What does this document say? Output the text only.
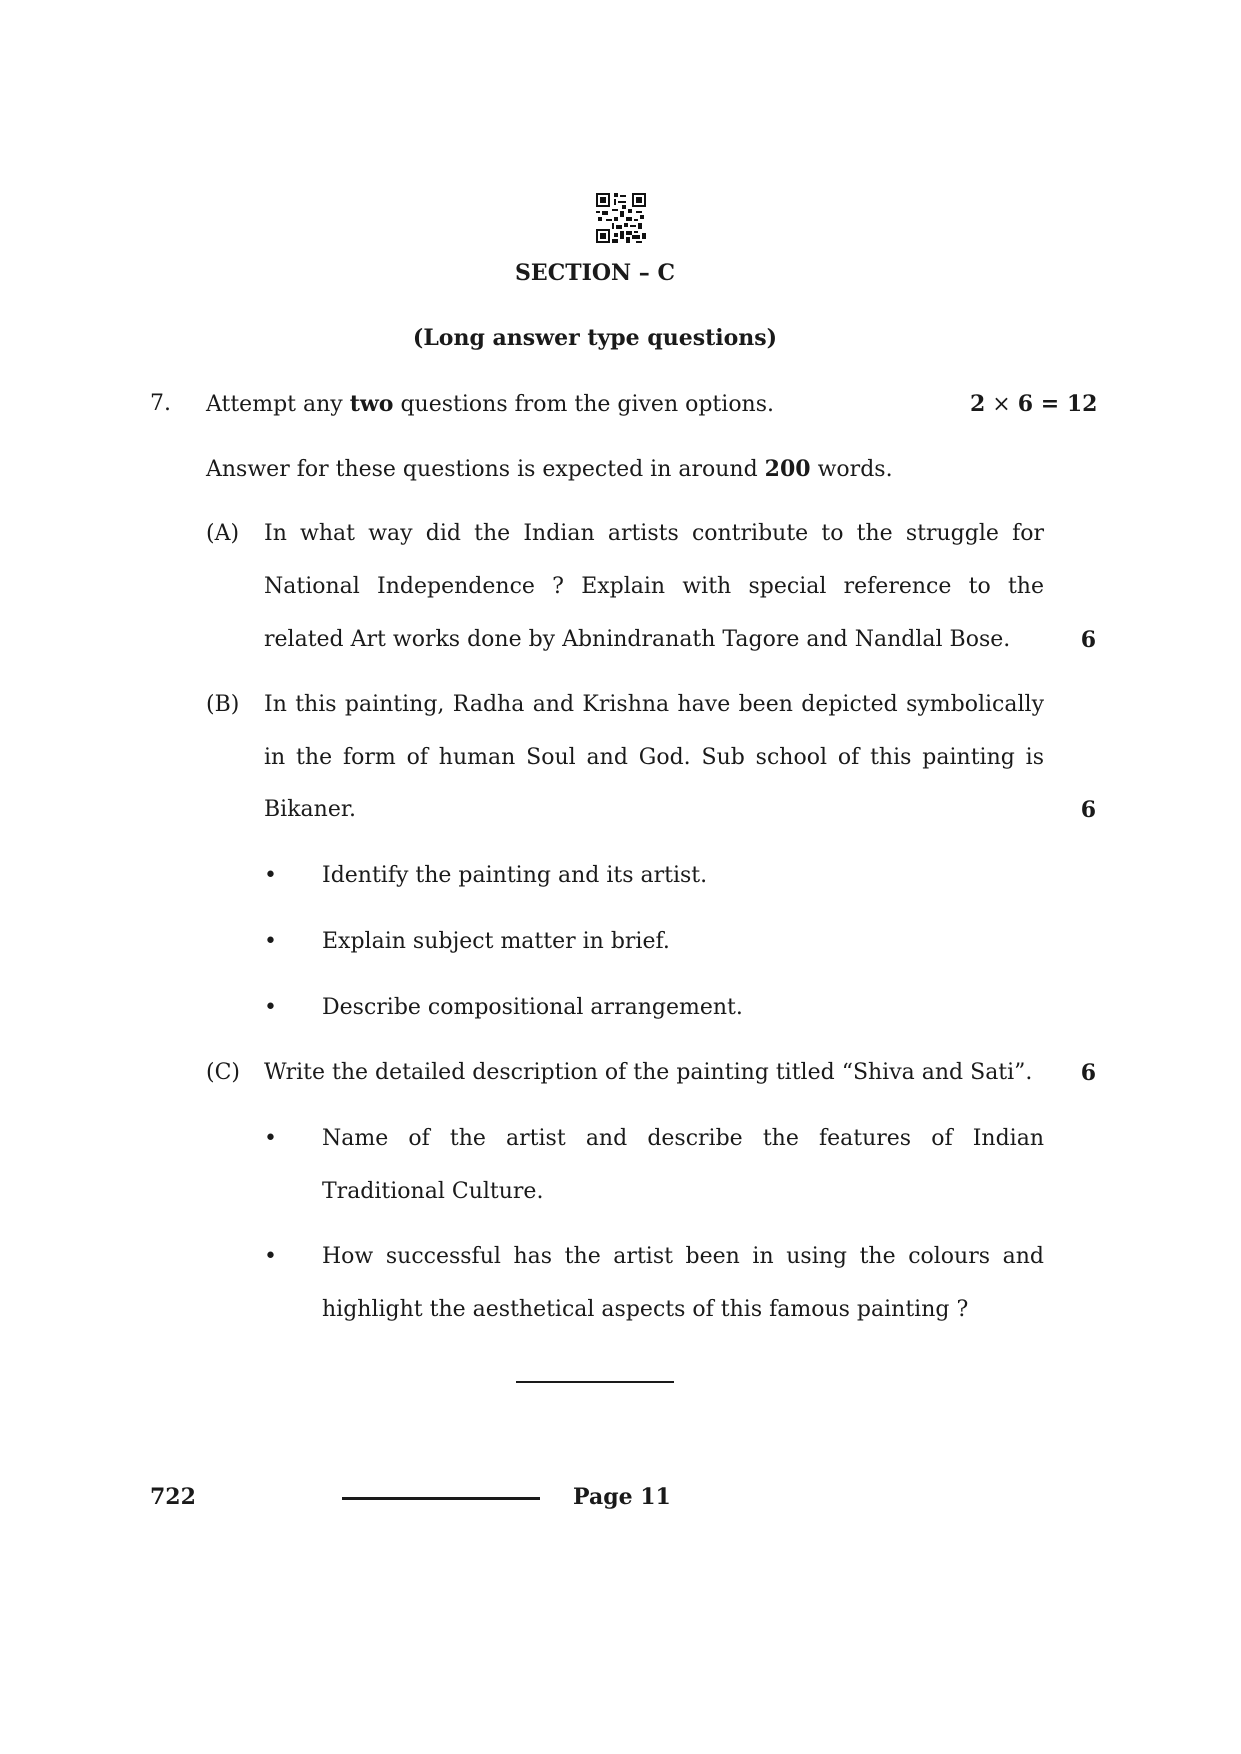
SECTION – C
(Long answer type questions)
7. Attempt any two questions from the given options.	2 × 6 = 12
Answer for these questions is expected in around 200 words.
(A) In what way did the Indian artists contribute to the struggle for
National Independence ? Explain with special reference to the
related Art works done by Abnindranath Tagore and Nandlal Bose.	6
(B) In this painting, Radha and Krishna have been depicted symbolically
in the form of human Soul and God. Sub school of this painting is
Bikaner.	6
• Identify the painting and its artist.
• Explain subject matter in brief.
• Describe compositional arrangement.
(C) Write the detailed description of the painting titled “Shiva and Sati”.	6
• Name of the artist and describe the features of Indian
Traditional Culture.
• How successful has the artist been in using the colours and
highlight the aesthetical aspects of this famous painting ?
722	Page 11
